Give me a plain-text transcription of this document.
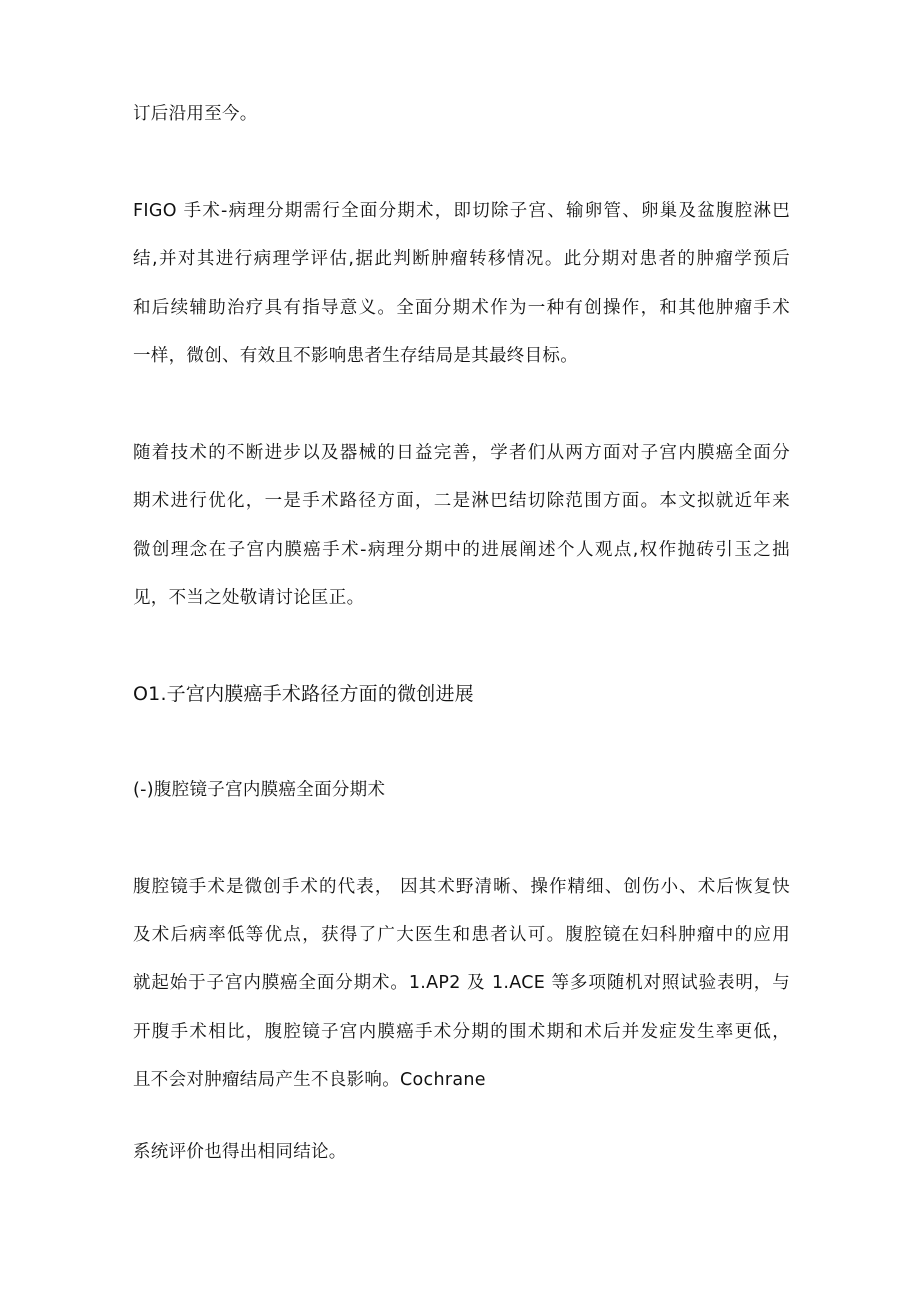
订后沿用至今。
FIGO 手术-病理分期需行全面分期术，即切除子宫、输卵管、卵巢及盆腹腔淋巴
结,并对其进行病理学评估,据此判断肿瘤转移情况。此分期对患者的肿瘤学预后
和后续辅助治疗具有指导意义。全面分期术作为一种有创操作，和其他肿瘤手术
一样，微创、有效且不影响患者生存结局是其最终目标。
随着技术的不断进步以及器械的日益完善，学者们从两方面对子宫内膜癌全面分
期术进行优化，一是手术路径方面，二是淋巴结切除范围方面。本文拟就近年来
微创理念在子宫内膜癌手术-病理分期中的进展阐述个人观点,权作抛砖引玉之拙
见，不当之处敬请讨论匡正。
O1.子宫内膜癌手术路径方面的微创进展
(-)腹腔镜子宫内膜癌全面分期术
腹腔镜手术是微创手术的代表， 因其术野清晰、操作精细、创伤小、术后恢复快
及术后病率低等优点，获得了广大医生和患者认可。腹腔镜在妇科肿瘤中的应用
就起始于子宫内膜癌全面分期术。1.AP2 及 1.ACE 等多项随机对照试验表明，与
开腹手术相比，腹腔镜子宫内膜癌手术分期的围术期和术后并发症发生率更低，
且不会对肿瘤结局产生不良影响。Cochrane
系统评价也得出相同结论。
